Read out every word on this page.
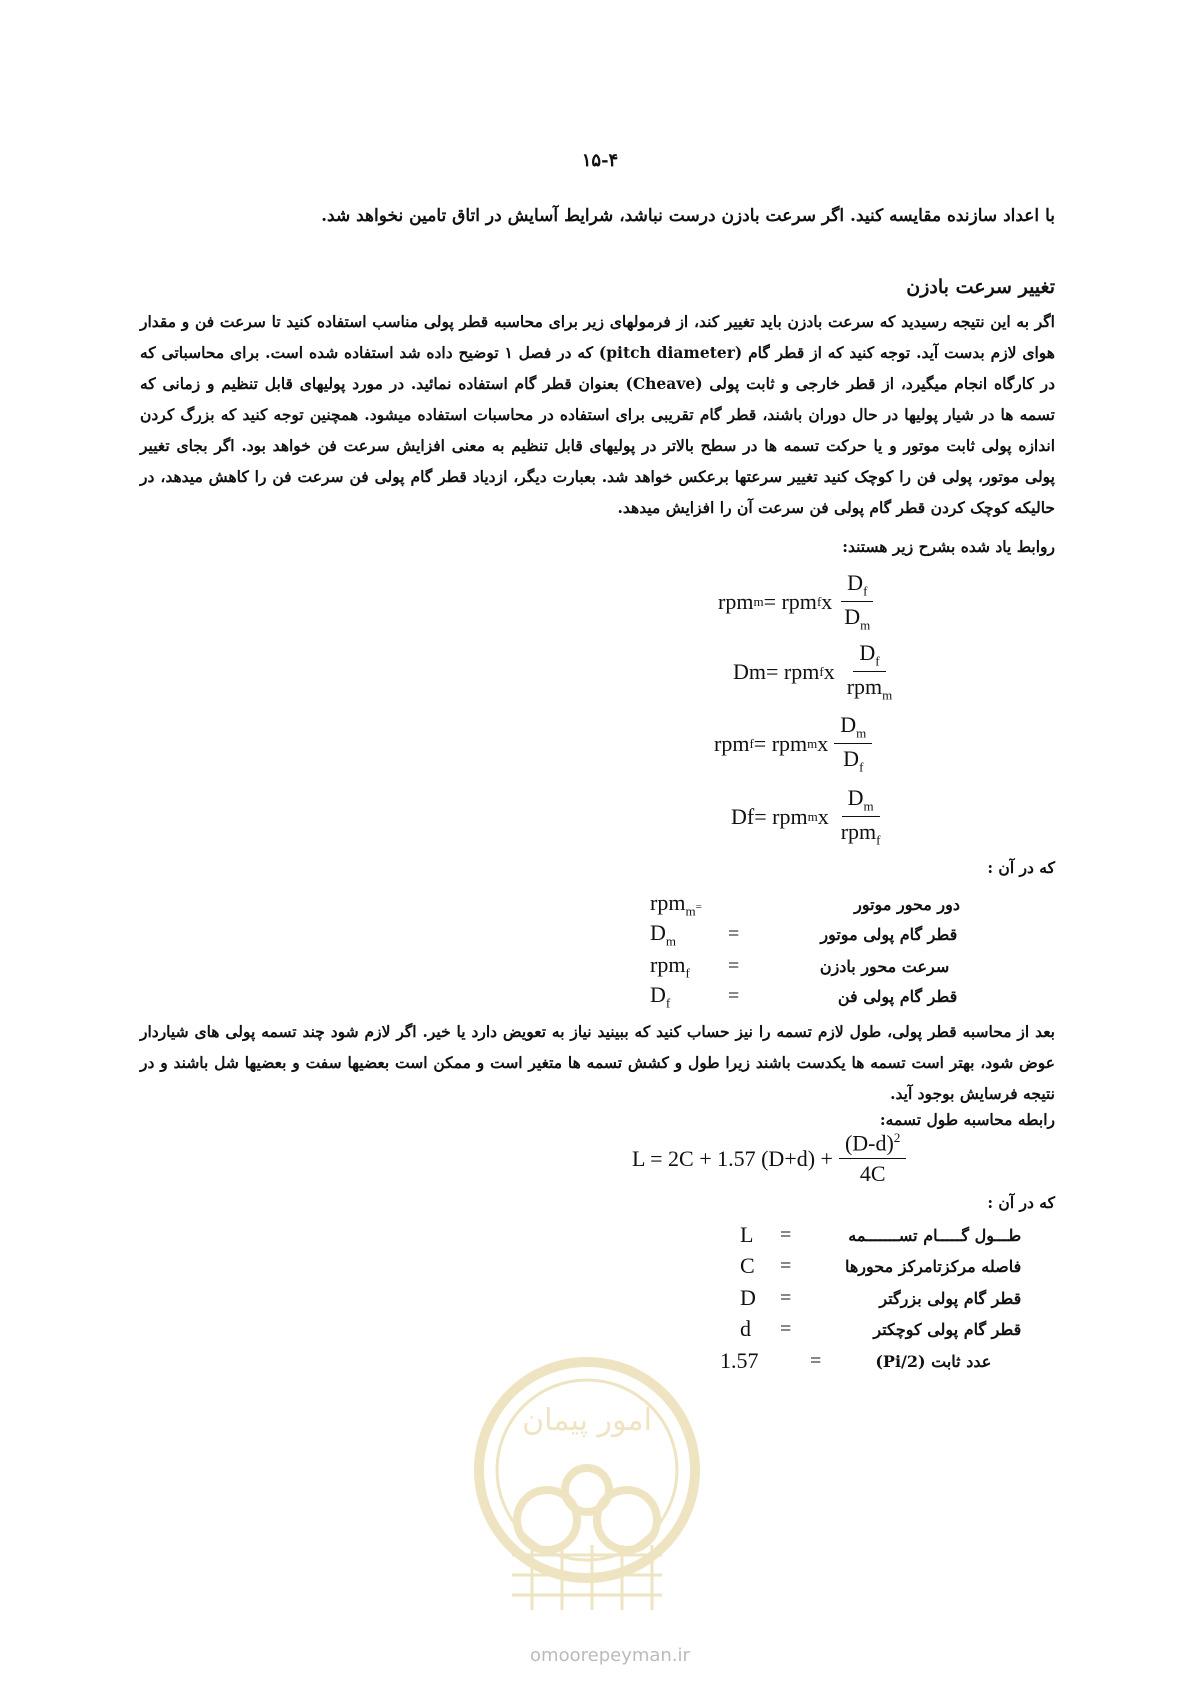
۱۵-۴
با اعداد سازنده مقایسه کنید. اگر سرعت بادزن درست نباشد، شرایط آسایش در اتاق تامین نخواهد شد.
تغییر سرعت بادزن
اگر به این نتیجه رسیدید که سرعت بادزن باید تغییر کند، از فرمولهای زیر برای محاسبه قطر پولی مناسب استفاده کنید تا سرعت فن و مقدار هوای لازم بدست آید. توجه کنید که از قطر گام (pitch diameter) که در فصل ۱ توضیح داده شد استفاده شده است. برای محاسباتی که در کارگاه انجام میگیرد، از قطر خارجی و ثابت پولی (Cheave) بعنوان قطر گام استفاده نمائید. در مورد پولیهای قابل تنظیم و زمانی که تسمه ها در شیار پولیها در حال دوران باشند، قطر گام تقریبی برای استفاده در محاسبات استفاده میشود. همچنین توجه کنید که بزرگ کردن اندازه پولی ثابت موتور و یا حرکت تسمه ها در سطح بالاتر در پولیهای قابل تنظیم به معنی افزایش سرعت فن خواهد بود. اگر بجای تغییر پولی موتور، پولی فن را کوچک کنید تغییر سرعتها برعکس خواهد شد. بعبارت دیگر، ازدیاد قطر گام پولی فن سرعت فن را کاهش میدهد، در حالیکه کوچک کردن قطر گام پولی فن سرعت آن را افزایش میدهد.
روابط یاد شده بشرح زیر هستند:
rpm m = rpm f x $\frac{D_f}{D_m}$
Dm = rpm f x $\frac{D_f}{rpm_m}$
rpm f = rpm m x $\frac{D_m}{D_f}$
Df = rpm m x $\frac{D_m}{rpm_f}$
که در آن :
دور محور موتور
rpm$_m$=
قطر گام پولی موتور
=
$D_m$
سرعت محور بادزن
=
rpm$_f$
قطر گام پولی فن
=
$D_f$
بعد از محاسبه قطر پولی، طول لازم تسمه را نیز حساب کنید که ببینید نیاز به تعویض دارد یا خیر. اگر لازم شود چند تسمه پولی های شیاردار عوض شود، بهتر است تسمه ها یکدست باشند زیرا طول و کشش تسمه ها متغیر است و ممکن است بعضیها سفت و بعضیها شل باشند و در نتیجه فرسایش بوجود آید.
رابطه محاسبه طول تسمه:
L = 2C + 1.57 $(D+d) + \frac{(D-d)^2}{4C}$
که در آن :
طـــول گـــــام تســـــــمه
=
L
فاصله مرکزتامرکز محورها
=
C
قطر گام پولی بزرگتر
=
D
قطر گام پولی کوچکتر
=
d
عدد ثابت (Pi/2)
=
1.57
امور پیمان
omoorepeyman.ir
